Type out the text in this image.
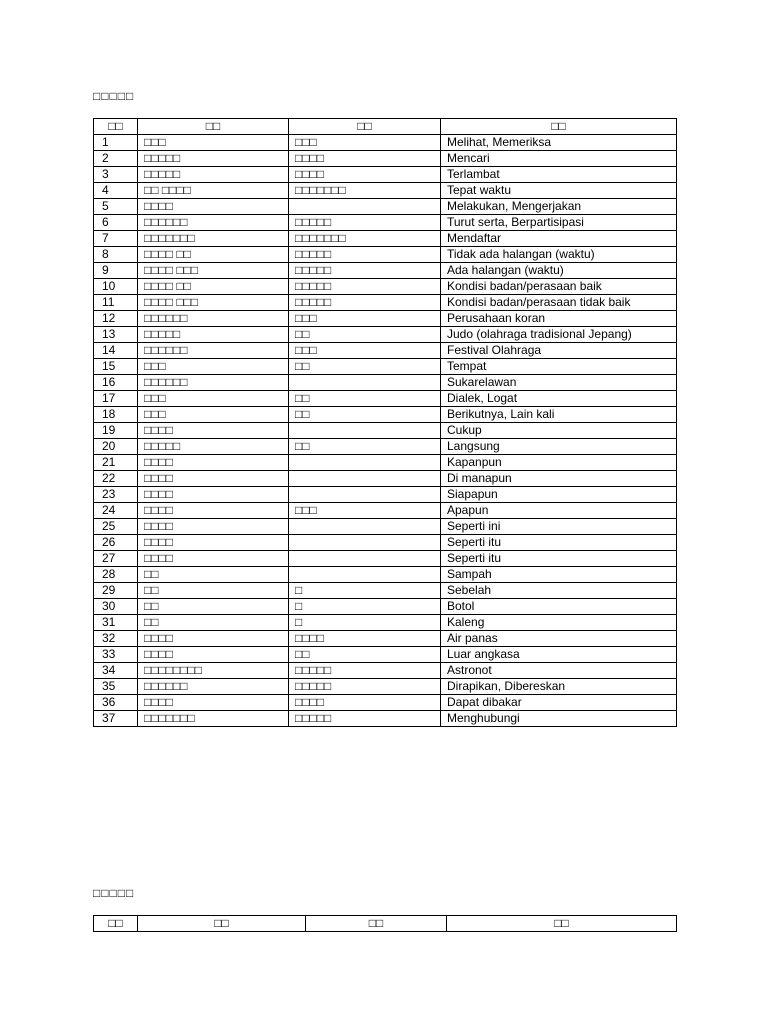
□□□□□
□□	□□	□□	□□
1	□□□	□□□	Melihat, Memeriksa
2	□□□□□	□□□□	Mencari
3	□□□□□	□□□□	Terlambat
4	□□ □□□□	□□□□□□□	Tepat waktu
5	□□□□		Melakukan, Mengerjakan
6	□□□□□□	□□□□□	Turut serta, Berpartisipasi
7	□□□□□□□	□□□□□□□	Mendaftar
8	□□□□ □□	□□□□□	Tidak ada halangan (waktu)
9	□□□□ □□□	□□□□□	Ada halangan (waktu)
10	□□□□ □□	□□□□□	Kondisi badan/perasaan baik
11	□□□□ □□□	□□□□□	Kondisi badan/perasaan tidak baik
12	□□□□□□	□□□	Perusahaan koran
13	□□□□□	□□	Judo (olahraga tradisional Jepang)
14	□□□□□□	□□□	Festival Olahraga
15	□□□	□□	Tempat
16	□□□□□□		Sukarelawan
17	□□□	□□	Dialek, Logat
18	□□□	□□	Berikutnya, Lain kali
19	□□□□		Cukup
20	□□□□□	□□	Langsung
21	□□□□		Kapanpun
22	□□□□		Di manapun
23	□□□□		Siapapun
24	□□□□	□□□	Apapun
25	□□□□		Seperti ini
26	□□□□		Seperti itu
27	□□□□		Seperti itu
28	□□		Sampah
29	□□	□	Sebelah
30	□□	□	Botol
31	□□	□	Kaleng
32	□□□□	□□□□	Air panas
33	□□□□	□□	Luar angkasa
34	□□□□□□□□	□□□□□	Astronot
35	□□□□□□	□□□□□	Dirapikan, Dibereskan
36	□□□□	□□□□	Dapat dibakar
37	□□□□□□□	□□□□□	Menghubungi
□□□□□
□□	□□	□□	□□
